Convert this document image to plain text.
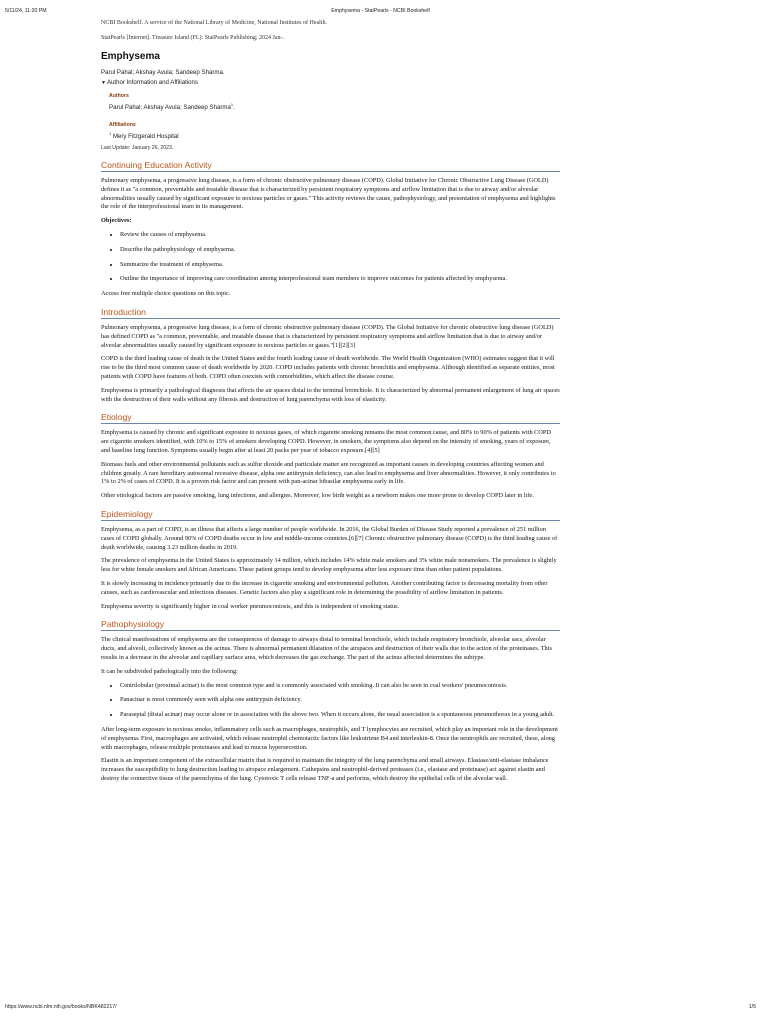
5/11/24, 11:20 PM	Emphysema - StatPearls - NCBI Bookshelf
NCBI Bookshelf. A service of the National Library of Medicine, National Institutes of Health.
StatPearls [Internet]. Treasure Island (FL): StatPearls Publishing; 2024 Jan-.
Emphysema
Parul Pahal; Akshay Avula; Sandeep Sharma.
▼Author Information and Affiliations
Authors
Parul Pahal; Akshay Avula; Sandeep Sharma$^1$.
Affiliations
$^1$ Mery Fitzgerald Hospital
Last Update: January 26, 2023.
Continuing Education Activity

Pulmonary emphysema, a progressive lung disease, is a form of chronic obstructive pulmonary disease (COPD). Global Initiative for Chronic Obstructive Lung Disease (GOLD) defines it as "a common, preventable and treatable disease that is characterized by persistent respiratory symptoms and airflow limitation that is due to airway and/or alveolar abnormalities usually caused by significant exposure to noxious particles or gases." This activity reviews the cause, pathophysiology, and presentation of emphysema and highlights the role of the interprofessional team in its management.

Objectives:

• Review the causes of emphysema.
• Describe the pathophysiology of emphysema.
• Summarize the treatment of emphysema.
• Outline the importance of improving care coordination among interprofessional team members to improve outcomes for patients affected by emphysema.

Access free multiple choice questions on this topic.

Introduction

Pulmonary emphysema, a progressive lung disease, is a form of chronic obstructive pulmonary disease (COPD). The Global Initiative for chronic obstructive lung disease (GOLD) has defined COPD as "a common, preventable, and treatable disease that is characterized by persistent respiratory symptoms and airflow limitation that is due to airway and/or alveolar abnormalities usually caused by significant exposure to noxious particles or gases."[1][2][3]

COPD is the third leading cause of death in the United States and the fourth leading cause of death worldwide. The World Health Organization (WHO) estimates suggest that it will rise to be the third most common cause of death worldwide by 2020. COPD includes patients with chronic bronchitis and emphysema. Although identified as separate entities, most patients with COPD have features of both. COPD often coexists with comorbidities, which affect the disease course.

Emphysema is primarily a pathological diagnosis that affects the air spaces distal to the terminal bronchiole. It is characterized by abnormal permanent enlargement of lung air spaces with the destruction of their walls without any fibrosis and destruction of lung parenchyma with loss of elasticity.

Etiology

Emphysema is caused by chronic and significant exposure to noxious gases, of which cigarette smoking remains the most common cause, and 80% to 90% of patients with COPD are cigarette smokers identified, with 10% to 15% of smokers developing COPD. However, in smokers, the symptoms also depend on the intensity of smoking, years of exposure, and baseline lung function. Symptoms usually begin after at least 20 packs per year of tobacco exposure.[4][5]

Biomass fuels and other environmental pollutants such as sulfur dioxide and particulate matter are recognized as important causes in developing countries affecting women and children greatly. A rare hereditary autosomal recessive disease, alpha one antitrypsin deficiency, can also lead to emphysema and liver abnormalities. However, it only contributes to 1% to 2% of cases of COPD. It is a proven risk factor and can present with pan-acinar bibasilar emphysema early in life.

Other etiological factors are passive smoking, lung infections, and allergies. Moreover, low birth weight as a newborn makes one more prone to develop COPD later in life.

Epidemiology

Emphysema, as a part of COPD, is an illness that affects a large number of people worldwide. In 2016, the Global Burden of Disease Study reported a prevalence of 251 million cases of COPD globally. Around 90% of COPD deaths occur in low and middle-income countries.[6][7] Chronic obstructive pulmonary disease (COPD) is the third leading cause of death worldwide, causing 3.23 million deaths in 2019.

The prevalence of emphysema in the United States is approximately 14 million, which includes 14% white male smokers and 3% white male nonsmokers. The prevalence is slightly less for white female smokers and African Americans. These patient groups tend to develop emphysema after less exposure time than other patient populations.

It is slowly increasing in incidence primarily due to the increase in cigarette smoking and environmental pollution. Another contributing factor is decreasing mortality from other causes, such as cardiovascular and infectious diseases. Genetic factors also play a significant role in determining the possibility of airflow limitation in patients.

Emphysema severity is significantly higher in coal worker pneumoconiosis, and this is independent of smoking status.

Pathophysiology

The clinical manifestations of emphysema are the consequences of damage to airways distal to terminal bronchiole, which include respiratory bronchiole, alveolar sacs, alveolar ducts, and alveoli, collectively known as the acinus. There is abnormal permanent dilatation of the airspaces and destruction of their walls due to the action of the proteinases. This results in a decrease in the alveolar and capillary surface area, which decreases the gas exchange. The part of the acinus affected determines the subtype.

It can be subdivided pathologically into the following:

• Centrilobular (proximal acinar) is the most common type and is commonly associated with smoking. It can also be seen in coal workers' pneumoconiosis.
• Panacinar is most commonly seen with alpha one antitrypsin deficiency.
• Paraseptal (distal acinar) may occur alone or in association with the above two. When it occurs alone, the usual association is a spontaneous pneumothorax in a young adult.

After long-term exposure to noxious smoke, inflammatory cells such as macrophages, neutrophils, and T lymphocytes are recruited, which play an important role in the development of emphysema. First, macrophages are activated, which release neutrophil chemotactic factors like leukotriene B4 and interleukin-8. Once the neutrophils are recruited, these, along with macrophages, release multiple proteinases and lead to mucus hypersecretion.

Elastin is an important component of the extracellular matrix that is required to maintain the integrity of the lung parenchyma and small airways. Elastase/anti-elastase imbalance increases the susceptibility to lung destruction leading to airspace enlargement. Cathepsins and neutrophil-derived proteases (i.e., elastase and proteinase) act against elastin and destroy the connective tissue of the parenchyma of the lung. Cytotoxic T cells release TNF-a and perforins, which destroy the epithelial cells of the alveolar wall.

https://www.ncbi.nlm.nih.gov/books/NBK482217/	1/5
